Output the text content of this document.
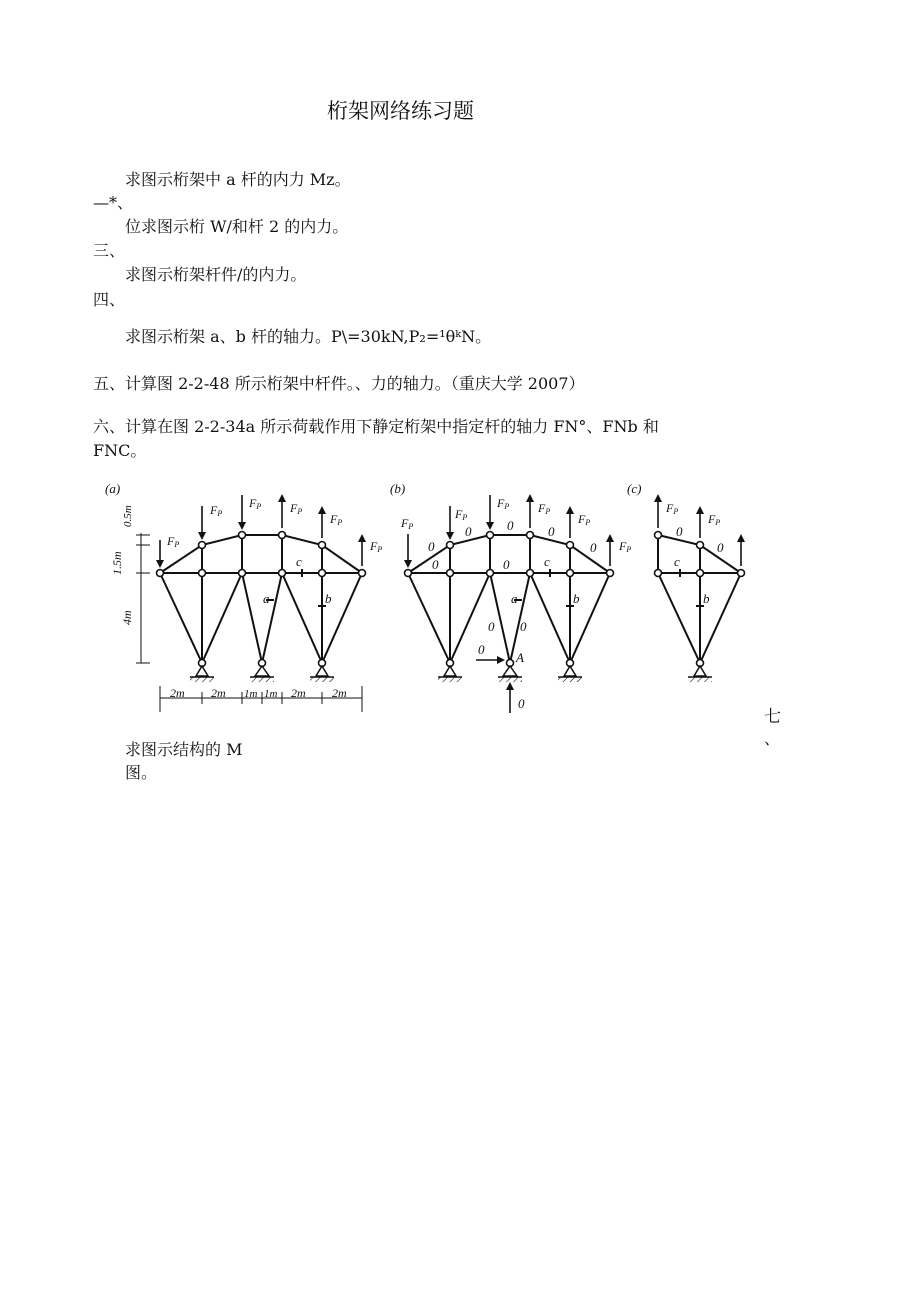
桁架网络练习题
求图示桁架中 a 杆的内力 Mz。
—*、
位求图示桁 W/和杆 2 的内力。
三、
求图示桁架杆件/的内力。
四、
求图示桁架 a、b 杆的轴力。P\=30kN,P₂=¹θᵏN。
五、计算图 2-2-48 所示桁架中杆件。、力的轴力。（重庆大学 2007）
六、计算在图 2-2-34a 所示荷载作用下静定桁架中指定杆的轴力 FN°、FNb 和
FNC。
(a)
FP
FP
FP FP
FP
FP
a	b
c
0.5m
1.5m
4m
2m 2m 1m 1m 2m 2m
(b)
FP
FP
FP FP
FP
FP
0
0	0	0
0
0	0
0 0
0
0
a	b
c
A
(c)
FP
FP
0
0
c
b
七
、
求图示结构的 M
图。
